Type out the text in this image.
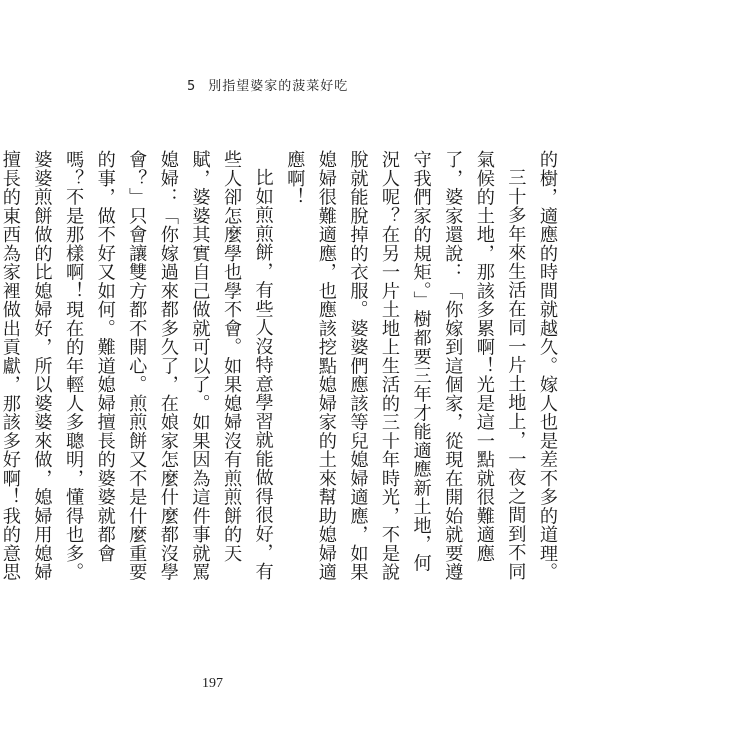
5 別指望婆家的菠菜好吃

的樹，適應的時間就越久。嫁人也是差不多的道理。

三十多年來生活在同一片土地上，一夜之間到不同氣候的土地，那該多累啊！光是這一點就很難適應了，婆家還說：「你嫁到這個家，從現在開始就要遵守我們家的規矩。」樹都要三年才能適應新土地，何況人呢？在另一片土地上生活的三十年時光，不是說脫就能脫掉的衣服。婆婆們應該等兒媳婦適應，如果媳婦很難適應，也應該挖點媳婦家的土來幫助媳婦適應啊！

比如煎煎餅，有些人沒特意學習就能做得很好，有些人卻怎麼學也學不會。如果媳婦沒有煎煎餅的天賦，婆婆其實自己做就可以了。如果因為這件事就罵媳婦：「你嫁過來都多久了，在娘家怎麼什麼都沒學會？」只會讓雙方都不開心。煎煎餅又不是什麼重要的事，做不好又如何。難道媳婦擅長的婆婆就都會嗎？不是那樣啊！現在的年輕人多聰明，懂得也多。婆婆煎餅做的比媳婦好，所以婆婆來做，媳婦用媳婦擅長的東西為家裡做出貢獻，那該多好啊！我的意思

197
